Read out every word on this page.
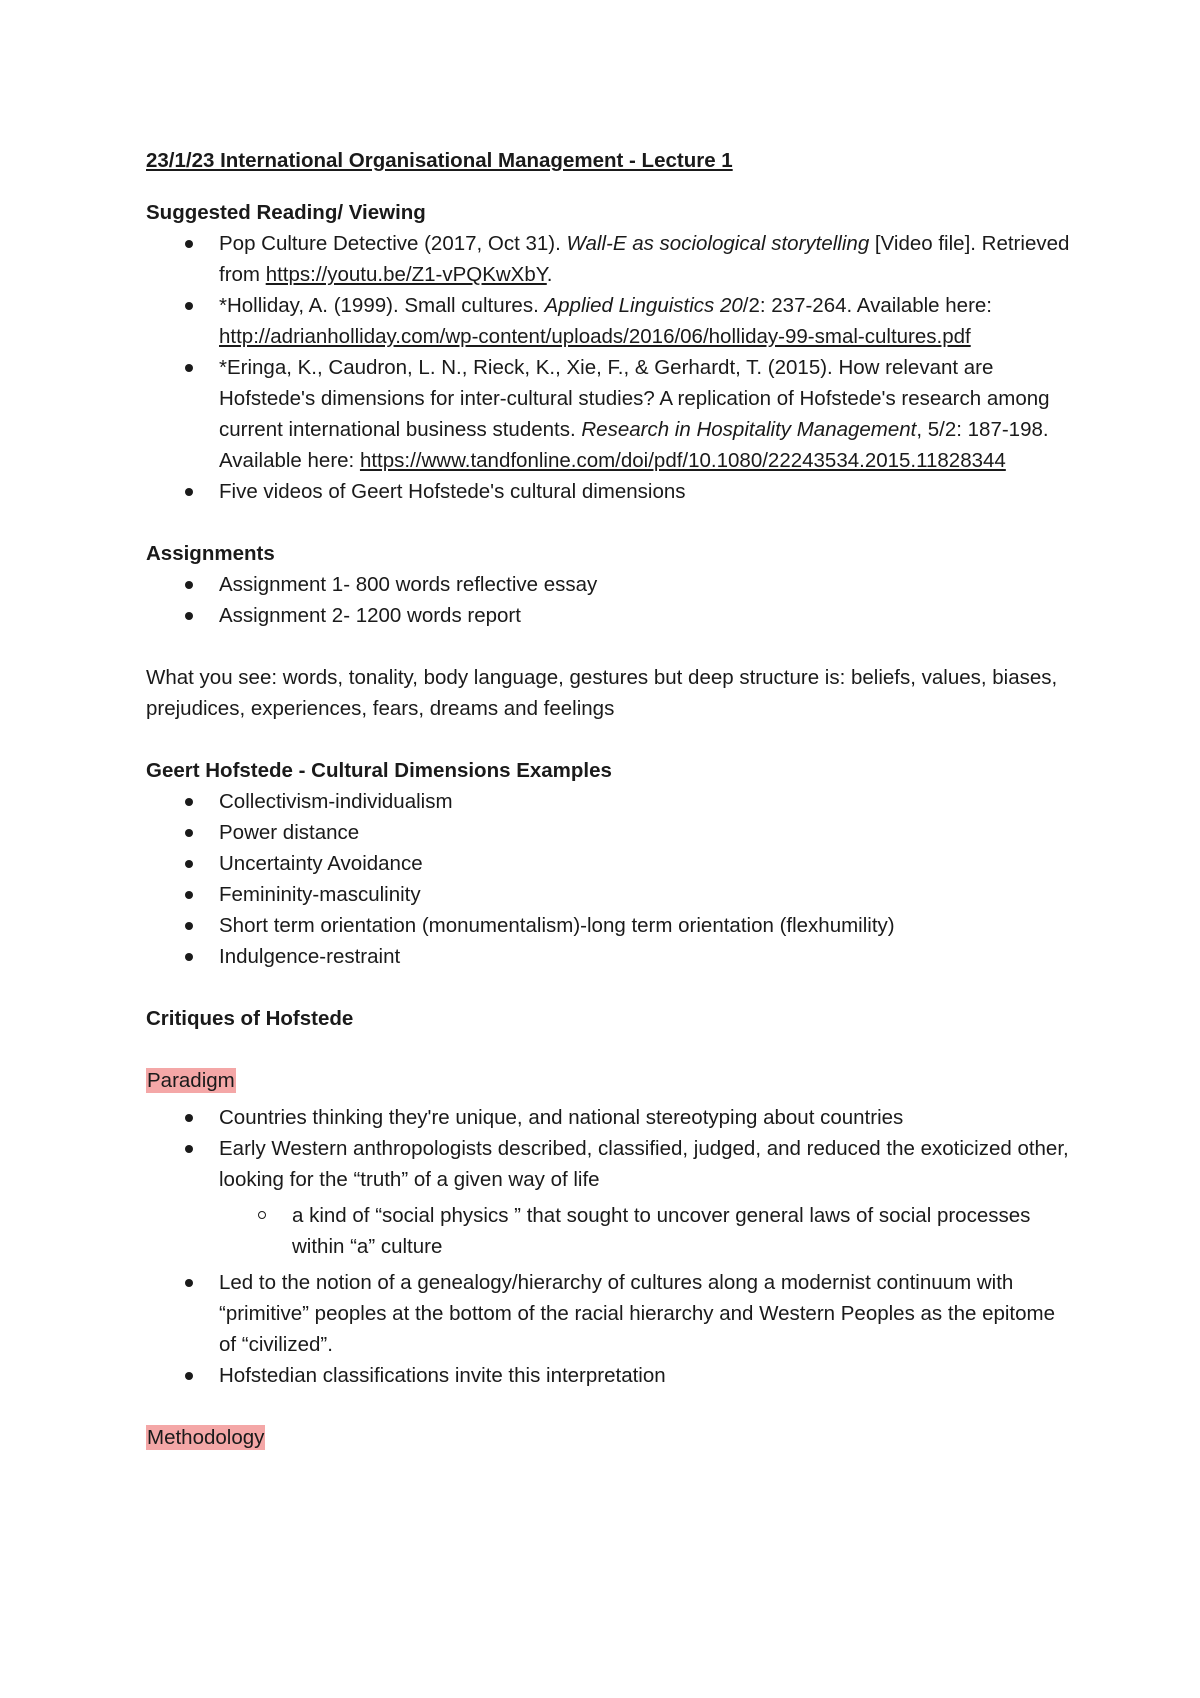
23/1/23 International Organisational Management - Lecture 1

Suggested Reading/ Viewing

Pop Culture Detective (2017, Oct 31). Wall-E as sociological storytelling [Video file]. Retrieved from https://youtu.be/Z1-vPQKwXbY.
*Holliday, A. (1999). Small cultures. Applied Linguistics 20/2: 237-264. Available here: http://adrianholliday.com/wp-content/uploads/2016/06/holliday-99-smal-cultures.pdf
*Eringa, K., Caudron, L. N., Rieck, K., Xie, F., & Gerhardt, T. (2015). How relevant are Hofstede's dimensions for inter-cultural studies? A replication of Hofstede's research among current international business students. Research in Hospitality Management, 5/2: 187-198. Available here: https://www.tandfonline.com/doi/pdf/10.1080/22243534.2015.11828344
Five videos of Geert Hofstede's cultural dimensions

Assignments

Assignment 1- 800 words reflective essay
Assignment 2- 1200 words report

What you see: words, tonality, body language, gestures but deep structure is: beliefs, values, biases, prejudices, experiences, fears, dreams and feelings

Geert Hofstede - Cultural Dimensions Examples

Collectivism-individualism
Power distance
Uncertainty Avoidance
Femininity-masculinity
Short term orientation (monumentalism)-long term orientation (flexhumility)
Indulgence-restraint

Critiques of Hofstede

Paradigm

Countries thinking they're unique, and national stereotyping about countries
Early Western anthropologists described, classified, judged, and reduced the exoticized other, looking for the “truth” of a given way of life
a kind of “social physics ” that sought to uncover general laws of social processes within “a” culture
Led to the notion of a genealogy/hierarchy of cultures along a modernist continuum with “primitive” peoples at the bottom of the racial hierarchy and Western Peoples as the epitome of “civilized”.
Hofstedian classifications invite this interpretation

Methodology
